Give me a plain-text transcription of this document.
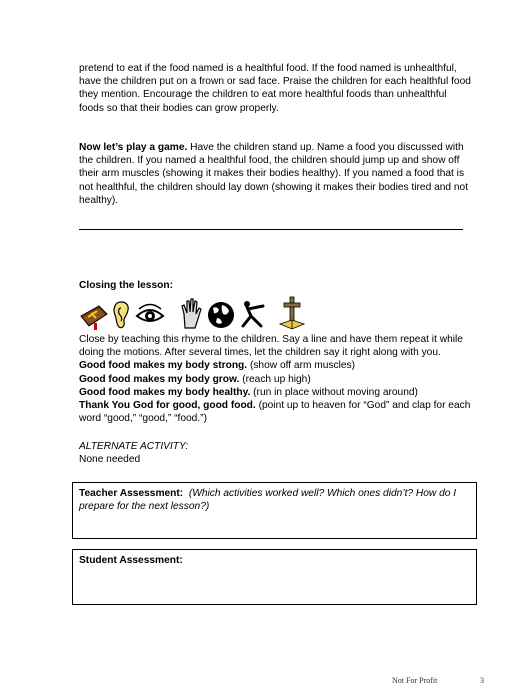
pretend to eat if the food named is a healthful food. If the food named is unhealthful, have the children put on a frown or sad face. Praise the children for each healthful food they mention. Encourage the children to eat more healthful foods than unhealthful foods so that their bodies can grow properly.
Now let’s play a game. Have the children stand up. Name a food you discussed with the children. If you named a healthful food, the children should jump up and show off their arm muscles (showing it makes their bodies healthy). If you named a food that is not healthful, the children should lay down (showing it makes their bodies tired and not healthy).
Closing the lesson:
Close by teaching this rhyme to the children. Say a line and have them repeat it while doing the motions. After several times, let the children say it right along with you.
Good food makes my body strong. (show off arm muscles)
Good food makes my body grow. (reach up high)
Good food makes my body healthy. (run in place without moving around)
Thank You God for good, good food. (point up to heaven for “God” and clap for each
word “good,” “good,” “food.”)
ALTERNATE ACTIVITY:
None needed
Teacher Assessment: (Which activities worked well? Which ones didn’t? How do I prepare for the next lesson?)
Student Assessment:
Not For Profit	3
